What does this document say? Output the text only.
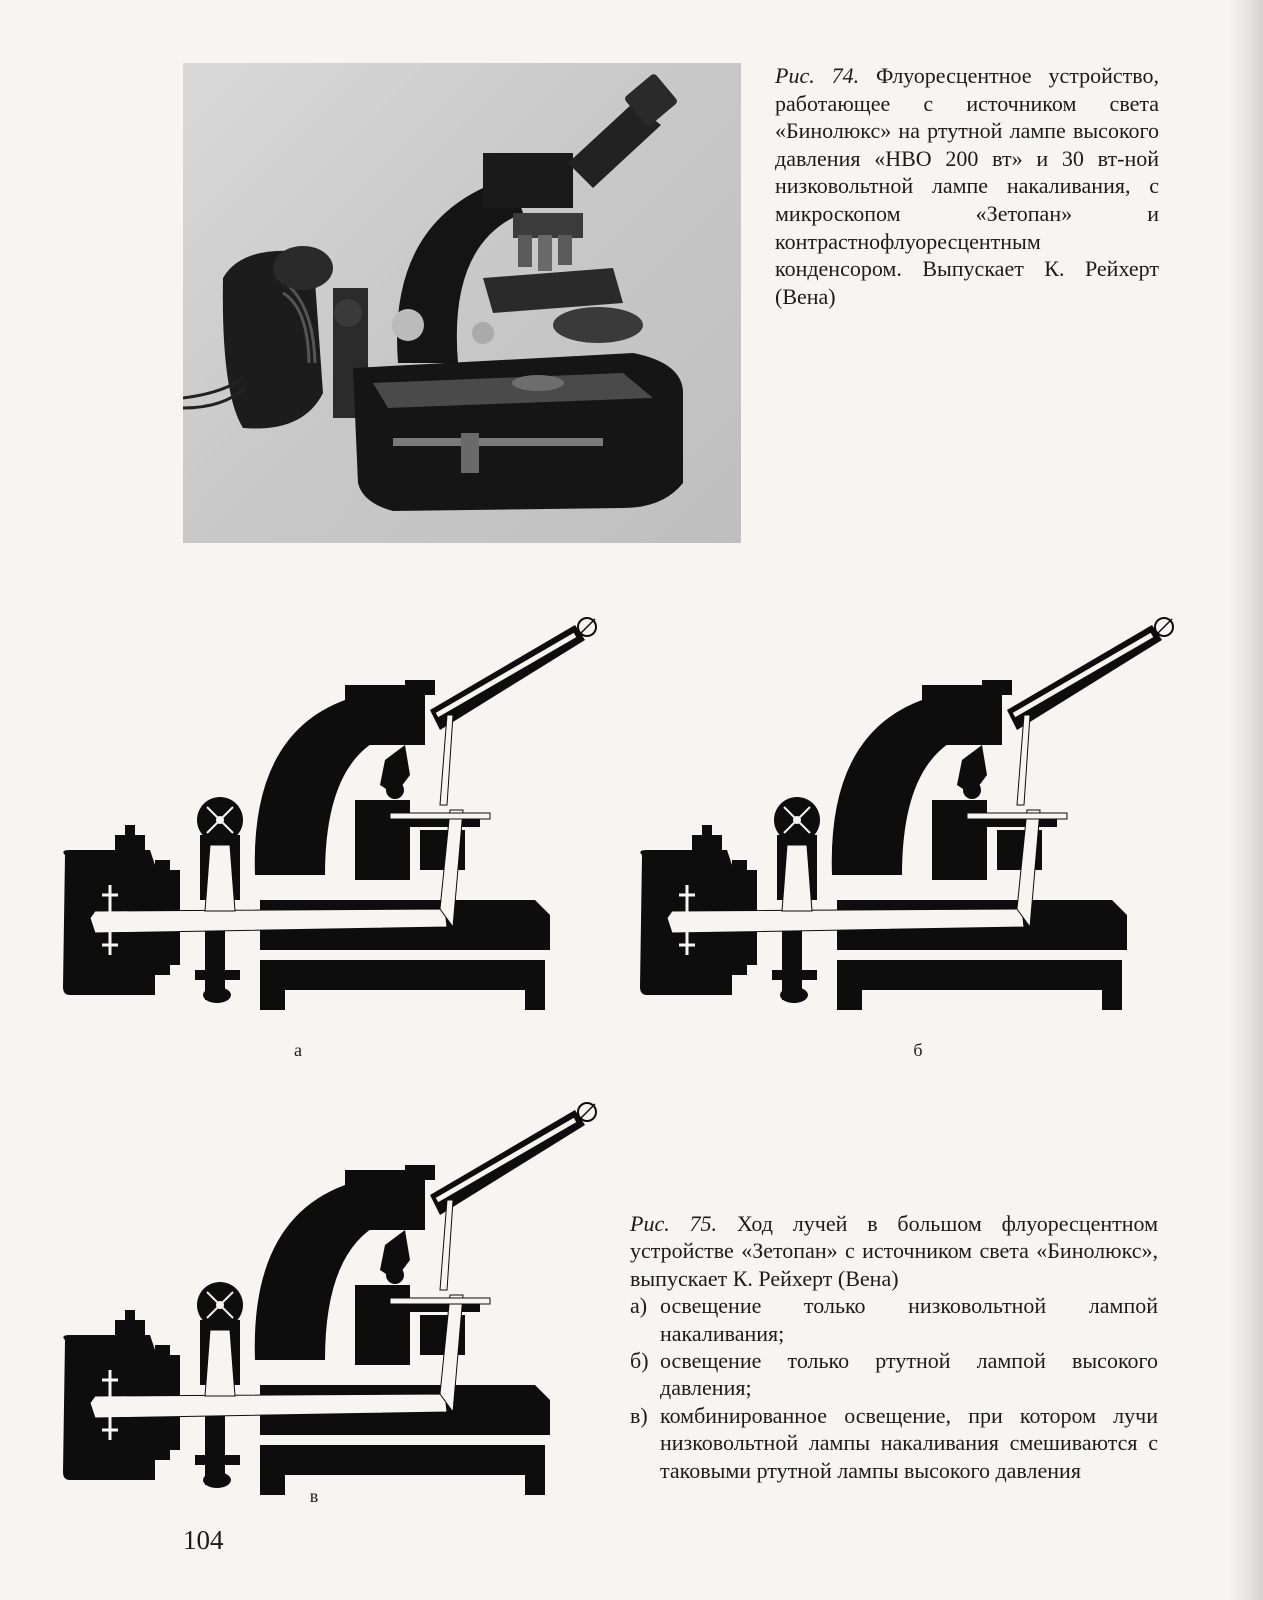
Рис. 74. Флуоресцентное устройство, работающее с источником света «Бинолюкс» на ртутной лампе высокого давления «НВО 200 вт» и 30 вт-ной низковольтной лампе накаливания, с микроскопом «Зетопан» и контрастнофлуоресцентным конденсором. Выпускает К. Рейхерт (Вена)
а	б
в
Рис. 75. Ход лучей в большом флуоресцентном устройстве «Зетопан» с источником света «Бинолюкс», выпускает К. Рейхерт (Вена)
а) освещение только низковольтной лампой накаливания;
б) освещение только ртутной лампой высокого давления;
в) комбинированное освещение, при котором лучи низковольтной лампы накаливания смешиваются с таковыми ртутной лампы высокого давления
104
